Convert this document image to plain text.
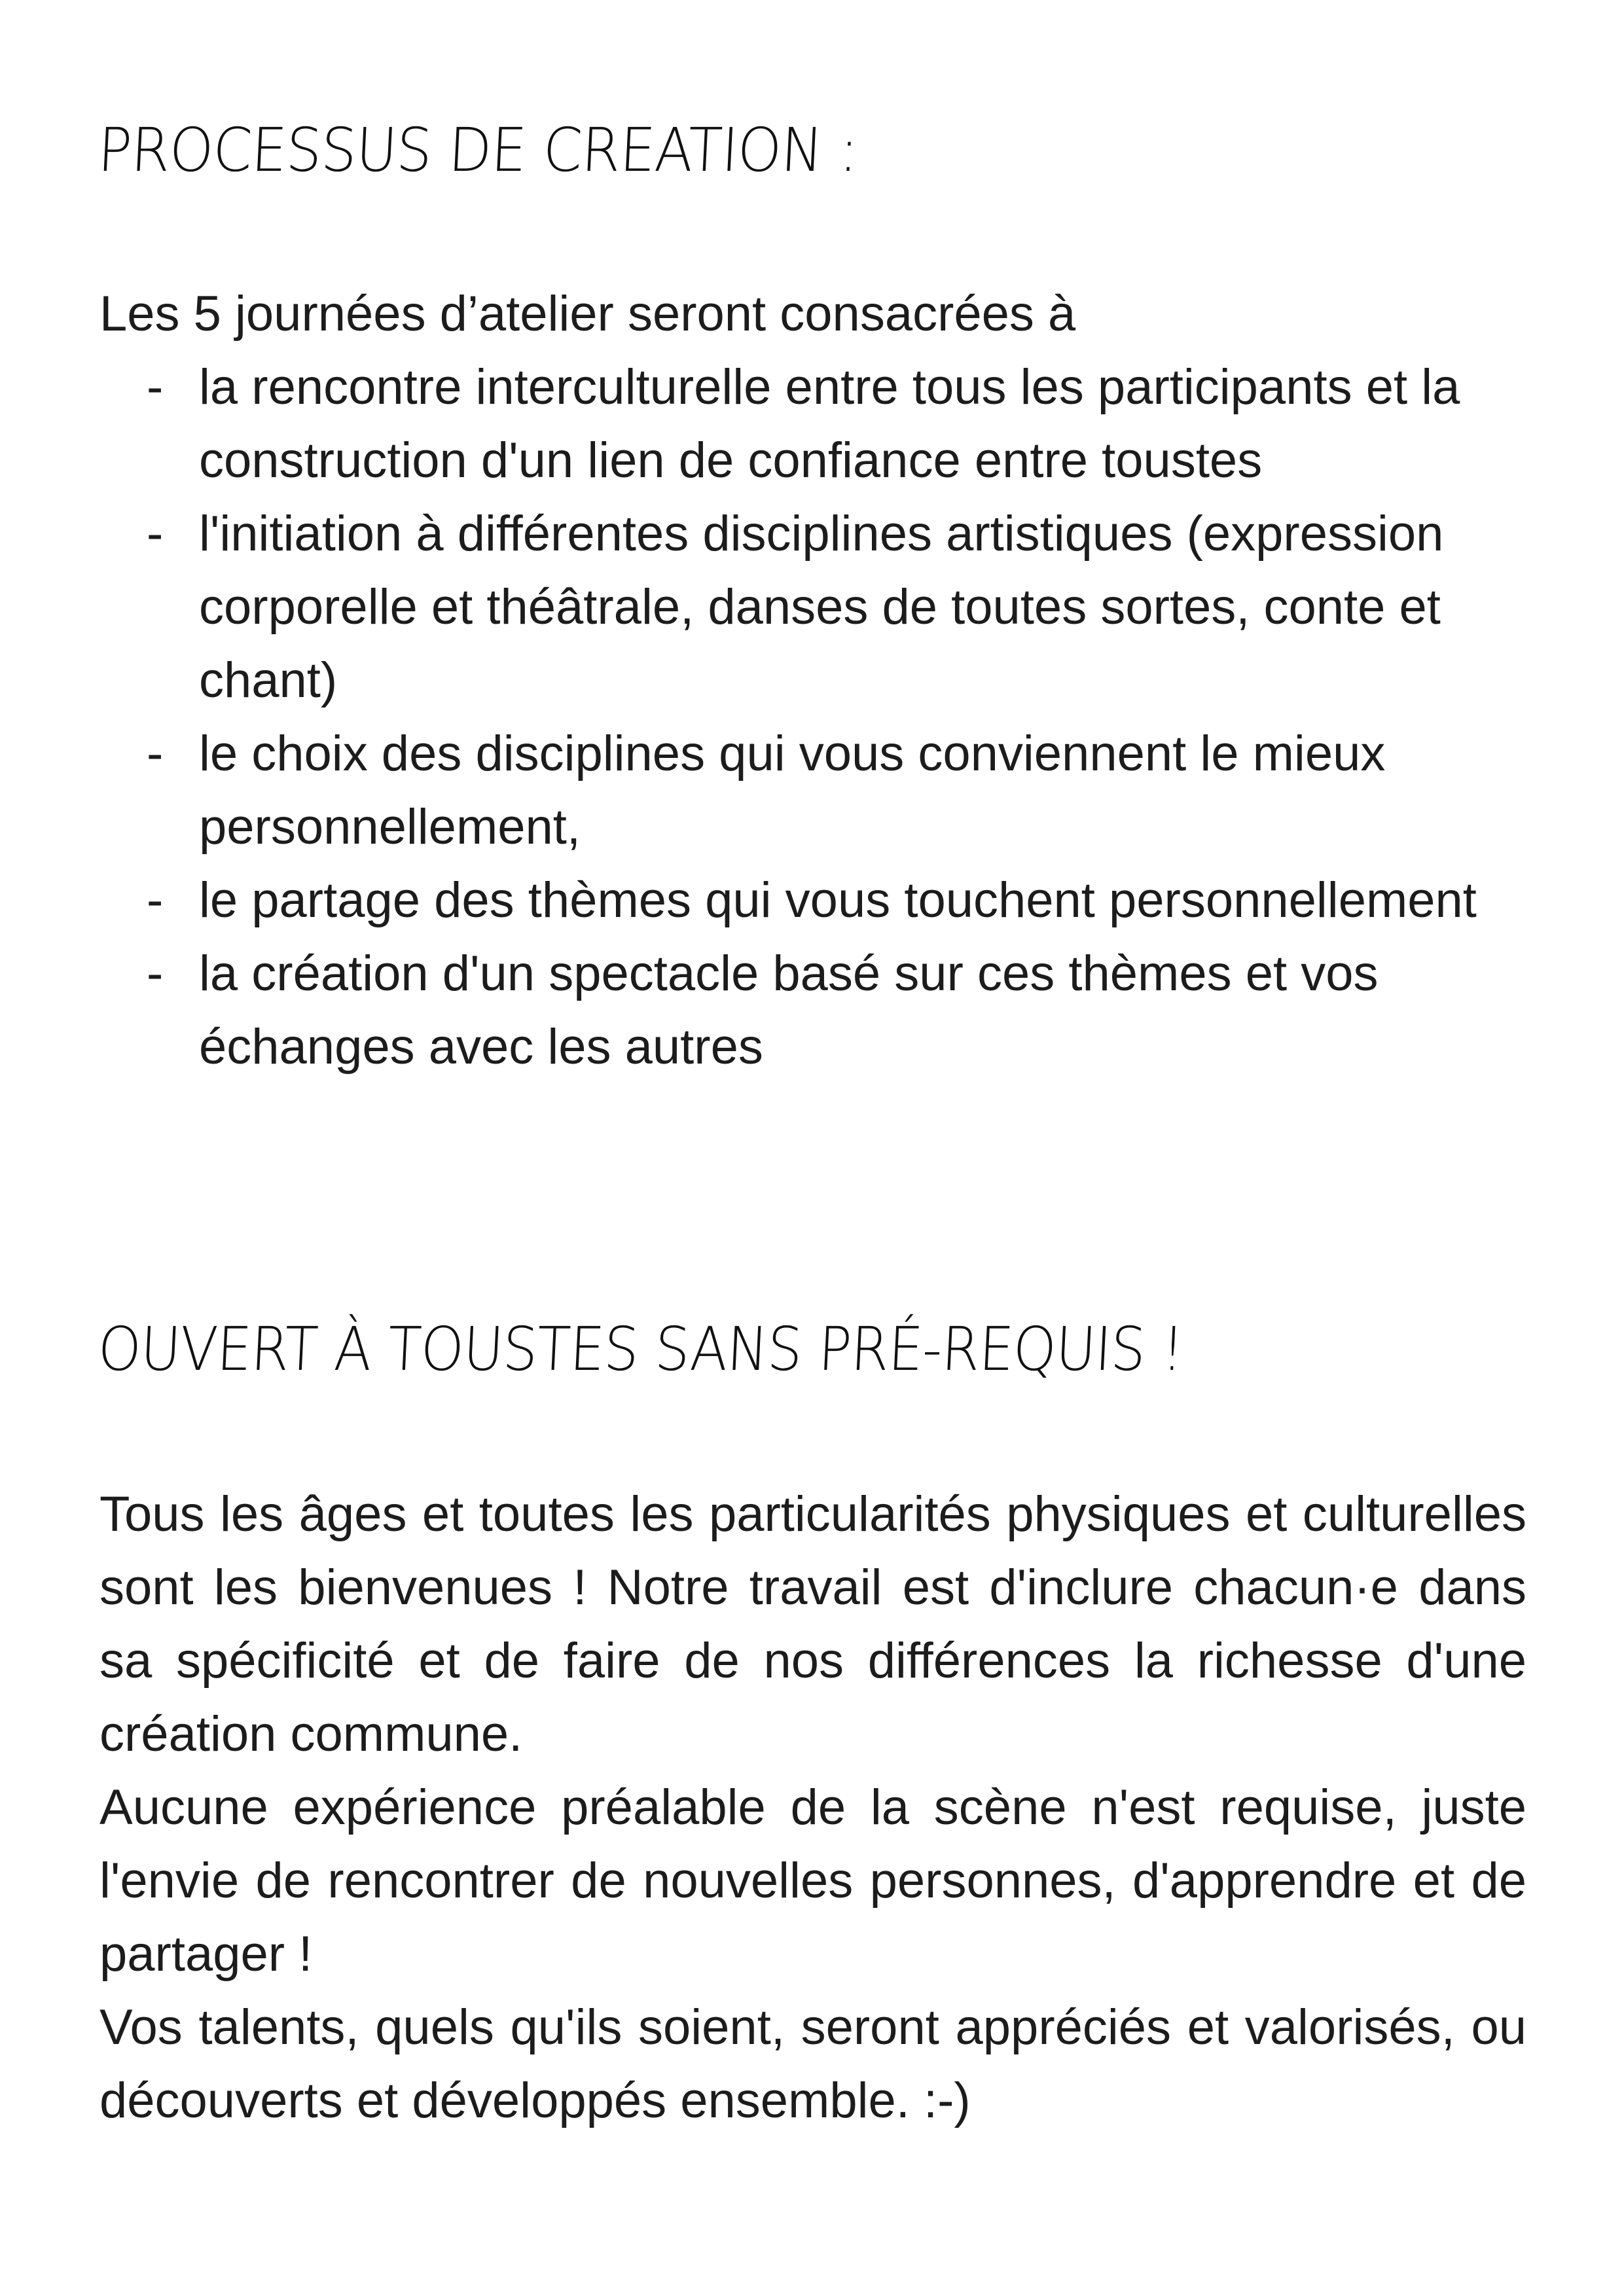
PROCESSUS DE CREATION :

Les 5 journées d’atelier seront consacrées à

- la rencontre interculturelle entre tous les participants et la construction d'un lien de confiance entre toustes
- l'initiation à différentes disciplines artistiques (expression corporelle et théâtrale, danses de toutes sortes, conte et chant)
- le choix des disciplines qui vous conviennent le mieux personnellement,
- le partage des thèmes qui vous touchent personnellement
- la création d'un spectacle basé sur ces thèmes et vos échanges avec les autres
OUVERT À TOUSTES SANS PRÉ-REQUIS !

Tous les âges et toutes les particularités physiques et culturelles sont les bienvenues ! Notre travail est d'inclure chacun·e dans sa spécificité et de faire de nos différences la richesse d'une création commune.

Aucune expérience préalable de la scène n'est requise, juste l'envie de rencontrer de nouvelles personnes, d'apprendre et de partager !

Vos talents, quels qu'ils soient, seront appréciés et valorisés, ou découverts et développés ensemble. :-)
